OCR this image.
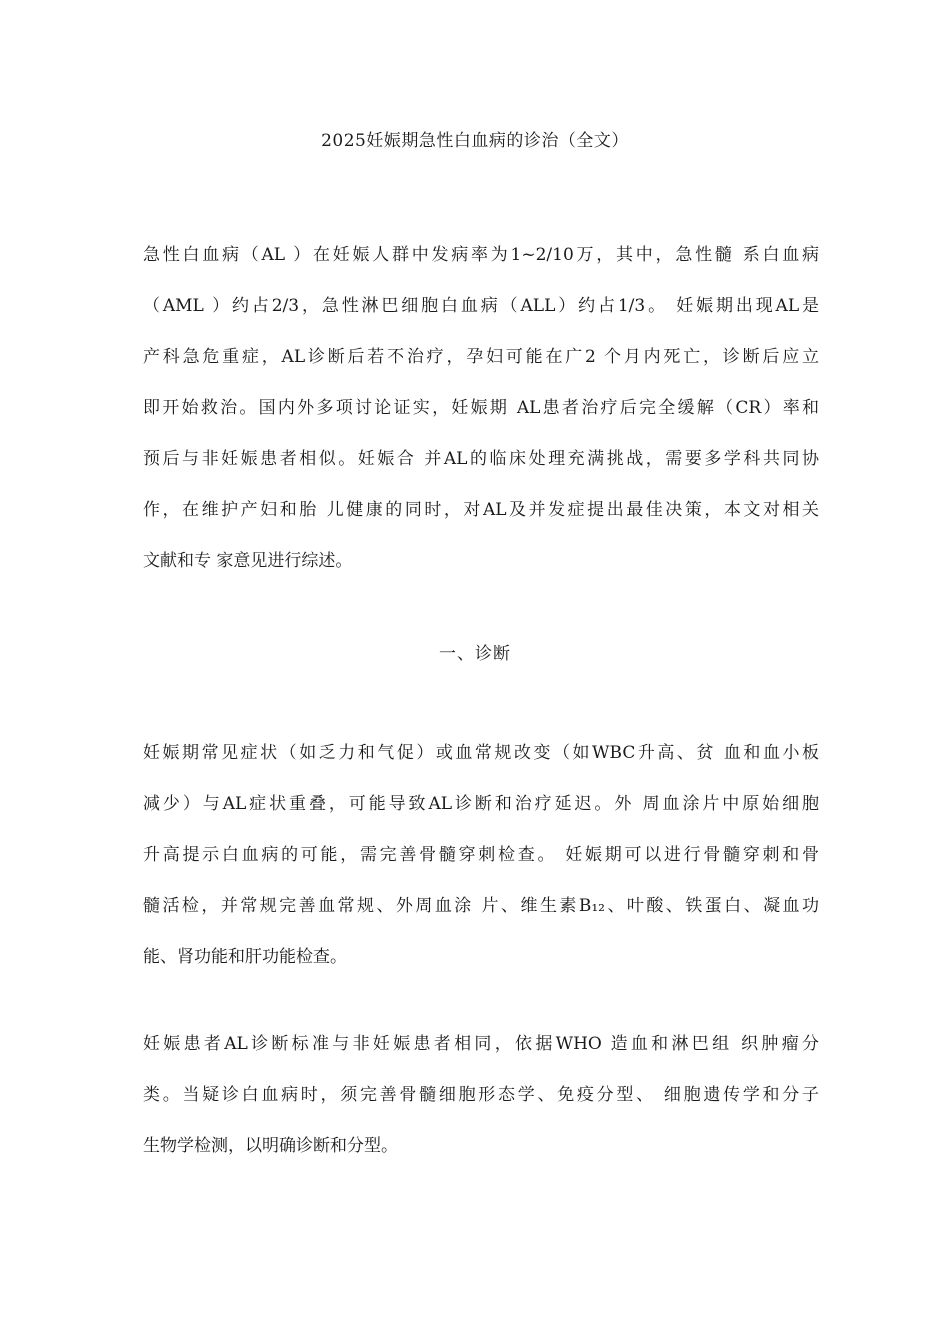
2025妊娠期急性白血病的诊治（全文）
急性白血病（AL ）在妊娠人群中发病率为1~2/10万，其中，急性髓 系白血病
（AML ）约占2/3，急性淋巴细胞白血病（ALL）约占1/3。 妊娠期出现AL是
产科急危重症，AL诊断后若不治疗，孕妇可能在广2 个月内死亡，诊断后应立
即开始救治。国内外多项讨论证实，妊娠期 AL患者治疗后完全缓解（CR）率和
预后与非妊娠患者相似。妊娠合 并AL的临床处理充满挑战，需要多学科共同协
作，在维护产妇和胎 儿健康的同时，对AL及并发症提出最佳决策，本文对相关
文献和专 家意见进行综述。
一、诊断
妊娠期常见症状（如乏力和气促）或血常规改变（如WBC升高、贫 血和血小板
减少）与AL症状重叠，可能导致AL诊断和治疗延迟。外 周血涂片中原始细胞
升高提示白血病的可能，需完善骨髓穿刺检查。 妊娠期可以进行骨髓穿刺和骨
髓活检，并常规完善血常规、外周血涂 片、维生素B₁₂、叶酸、铁蛋白、凝血功
能、肾功能和肝功能检查。
妊娠患者AL诊断标准与非妊娠患者相同，依据WHO 造血和淋巴组 织肿瘤分
类。当疑诊白血病时，须完善骨髓细胞形态学、免疫分型、 细胞遗传学和分子
生物学检测，以明确诊断和分型。
